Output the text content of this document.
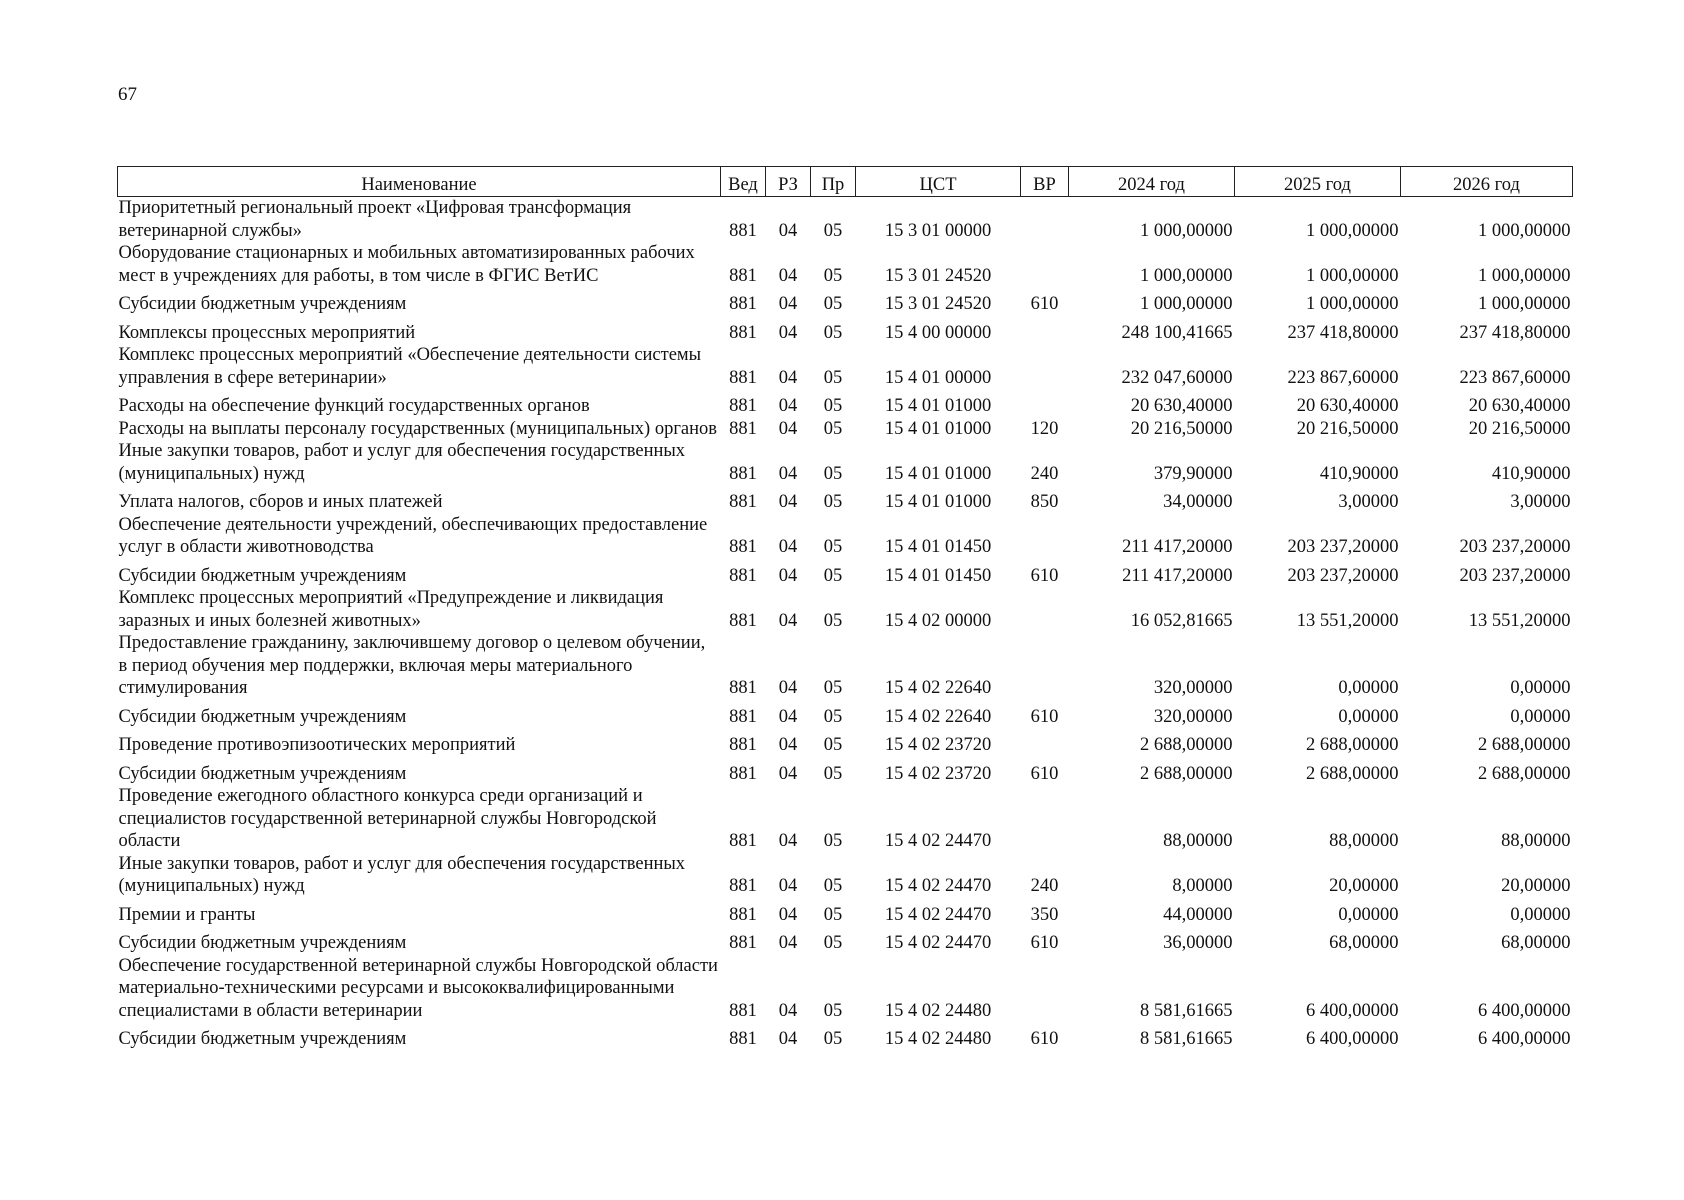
67
Наименование	Вед	РЗ	Пр	ЦСТ	ВР	2024 год	2025 год	2026 год
Приоритетный региональный проект «Цифровая трансформация ветеринарной службы»	881	04	05	15 3 01 00000		1 000,00000	1 000,00000	1 000,00000
Оборудование стационарных и мобильных автоматизированных рабочих мест в учреждениях для работы, в том числе в ФГИС ВетИС	881	04	05	15 3 01 24520		1 000,00000	1 000,00000	1 000,00000
Субсидии бюджетным учреждениям	881	04	05	15 3 01 24520	610	1 000,00000	1 000,00000	1 000,00000
Комплексы процессных мероприятий	881	04	05	15 4 00 00000		248 100,41665	237 418,80000	237 418,80000
Комплекс процессных мероприятий «Обеспечение деятельности системы управления в сфере ветеринарии»	881	04	05	15 4 01 00000		232 047,60000	223 867,60000	223 867,60000
Расходы на обеспечение функций государственных органов	881	04	05	15 4 01 01000		20 630,40000	20 630,40000	20 630,40000
Расходы на выплаты персоналу государственных (муниципальных) органов	881	04	05	15 4 01 01000	120	20 216,50000	20 216,50000	20 216,50000
Иные закупки товаров, работ и услуг для обеспечения государственных (муниципальных) нужд	881	04	05	15 4 01 01000	240	379,90000	410,90000	410,90000
Уплата налогов, сборов и иных платежей	881	04	05	15 4 01 01000	850	34,00000	3,00000	3,00000
Обеспечение деятельности учреждений, обеспечивающих предоставление услуг в области животноводства	881	04	05	15 4 01 01450		211 417,20000	203 237,20000	203 237,20000
Субсидии бюджетным учреждениям	881	04	05	15 4 01 01450	610	211 417,20000	203 237,20000	203 237,20000
Комплекс процессных мероприятий «Предупреждение и ликвидация заразных и иных болезней животных»	881	04	05	15 4 02 00000		16 052,81665	13 551,20000	13 551,20000
Предоставление гражданину, заключившему договор о целевом обучении, в период обучения мер поддержки, включая меры материального стимулирования	881	04	05	15 4 02 22640		320,00000	0,00000	0,00000
Субсидии бюджетным учреждениям	881	04	05	15 4 02 22640	610	320,00000	0,00000	0,00000
Проведение противоэпизоотических мероприятий	881	04	05	15 4 02 23720		2 688,00000	2 688,00000	2 688,00000
Субсидии бюджетным учреждениям	881	04	05	15 4 02 23720	610	2 688,00000	2 688,00000	2 688,00000
Проведение ежегодного областного конкурса среди организаций и специалистов государственной ветеринарной службы Новгородской области	881	04	05	15 4 02 24470		88,00000	88,00000	88,00000
Иные закупки товаров, работ и услуг для обеспечения государственных (муниципальных) нужд	881	04	05	15 4 02 24470	240	8,00000	20,00000	20,00000
Премии и гранты	881	04	05	15 4 02 24470	350	44,00000	0,00000	0,00000
Субсидии бюджетным учреждениям	881	04	05	15 4 02 24470	610	36,00000	68,00000	68,00000
Обеспечение государственной ветеринарной службы Новгородской области материально-техническими ресурсами и высококвалифицированными специалистами в области ветеринарии	881	04	05	15 4 02 24480		8 581,61665	6 400,00000	6 400,00000
Субсидии бюджетным учреждениям	881	04	05	15 4 02 24480	610	8 581,61665	6 400,00000	6 400,00000
